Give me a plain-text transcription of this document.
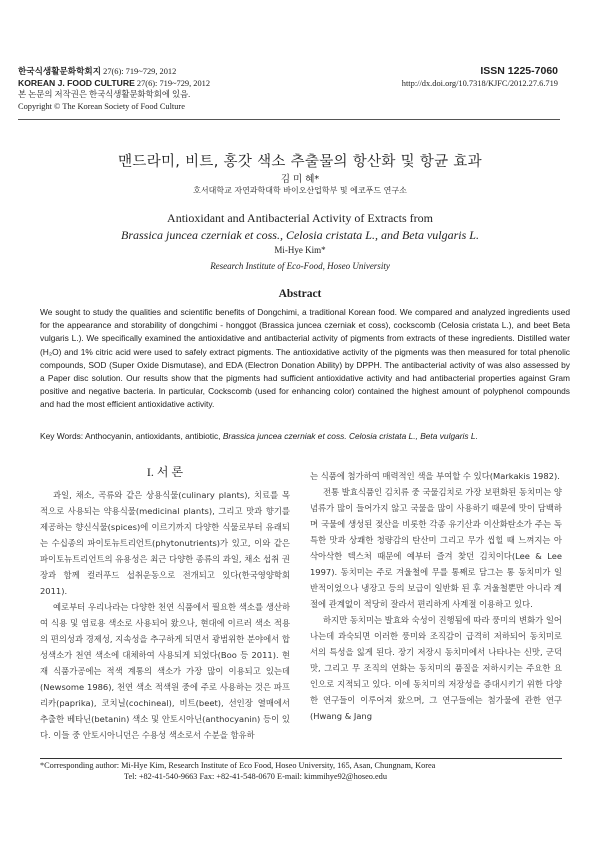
한국식생활문화학회지 27(6): 719~729, 2012
KOREAN J. FOOD CULTURE 27(6): 719~729, 2012
본 논문의 저작권은 한국식생활문화학회에 있음.
Copyright © The Korean Society of Food Culture
ISSN 1225-7060
http://dx.doi.org/10.7318/KJFC/2012.27.6.719
맨드라미, 비트, 홍갓 색소 추출물의 항산화 및 항균 효과
김 미 혜*
호서대학교 자연과학대학 바이오산업학부 및 에코푸드 연구소
Antioxidant and Antibacterial Activity of Extracts from
Brassica juncea czerniak et coss., Celosia cristata L., and Beta vulgaris L.
Mi-Hye Kim*
Research Institute of Eco-Food, Hoseo University
Abstract
We sought to study the qualities and scientific benefits of Dongchimi, a traditional Korean food. We compared and analyzed ingredients used for the appearance and storability of dongchimi - honggot (Brassica juncea czerniak et coss), cockscomb (Celosia cristata L.), and beet Beta vulgaris L.). We specifically examined the antioxidative and antibacterial activity of pigments from extracts of these ingredients. Distilled water (H₂O) and 1% citric acid were used to safely extract pigments. The antioxidative activity of the pigments was then measured for total phenolic compounds, SOD (Super Oxide Dismutase), and EDA (Electron Donation Ability) by DPPH. The antibacterial activity of was also assessed by a Paper disc solution. Our results show that the pigments had sufficient antioxidative activity and had antibacterial properties against Gram positive and negative bacteria. In particular, Cockscomb (used for enhancing color) contained the highest amount of polyphenol compounds and had the most efficient antioxidative activity.
Key Words: Anthocyanin, antioxidants, antibiotic, Brassica juncea czerniak et coss. Celosia cristata L., Beta vulgaris L.
I. 서 론

과일, 채소, 곡류와 같은 상용식물(culinary plants), 치료를 목적으로 사용되는 약용식물(medicinal plants), 그리고 맛과 향기를 제공하는 향신식물(spices)에 이르기까지 다양한 식물로부터 유래되는 수십종의 파이토뉴트리언트(phytonutrients)가 있고, 이와 같은 파이토뉴트리언트의 유용성은 최근 다양한 종류의 과일, 채소 섭취 권장과 함께 컬러푸드 섭취운동으로 전개되고 있다(한국영양학회 2011).

예로부터 우리나라는 다양한 천연 식품에서 필요한 색소를 생산하여 식용 및 염료용 색소로 사용되어 왔으나, 현대에 이르러 색소 적용의 편의성과 경제성, 지속성을 추구하게 되면서 광범위한 분야에서 합성색소가 천연 색소에 대체하여 사용되게 되었다(Boo 등 2011). 현재 식품가공에는 적색 계통의 색소가 가장 많이 이용되고 있는데(Newsome 1986), 천연 색소 적색원 중에 주로 사용하는 것은 파프리카(paprika), 코치닐(cochineal), 비트(beet), 선인장 열매에서 추출한 베타닌(betanin) 색소 및 안토시아닌(anthocyanin) 등이 있다. 이들 중 안토시아니던은 수용성 색소로서 수분을 함유하

는 식품에 첨가하여 매력적인 색을 부여할 수 있다(Markakis 1982).

전통 발효식품인 김치류 중 국물김치로 가장 보편화된 동치미는 양념류가 많이 들어가지 않고 국물을 많이 사용하기 때문에 맛이 담백하며 국물에 생성된 젖산을 비롯한 각종 유기산과 이산화탄소가 주는 독특한 맛과 상쾌한 청량감의 탄산미 그리고 무가 씹힐 때 느껴지는 아삭아삭한 텍스처 때문에 예부터 즐겨 찾던 김치이다(Lee & Lee 1997). 동치미는 주로 겨울철에 무를 통째로 담그는 통 동치미가 일반적이었으나 냉장고 등의 보급이 일반화 된 후 겨울철뿐만 아니라 계절에 관계없이 적당히 잘라서 편리하게 사계절 이용하고 있다.

하지만 동치미는 발효와 숙성이 진행됨에 따라 풍미의 변화가 일어나는데 과숙되면 이러한 풍미와 조직감이 급격히 저하되어 동치미로서의 특성을 잃게 된다. 장기 저장시 동치미에서 나타나는 신맛, 군덕맛, 그리고 무 조직의 연화는 동치미의 품질을 저하시키는 주요한 요인으로 지적되고 있다. 이에 동치미의 저장성을 증대시키기 위한 다양한 연구들이 이루어져 왔으며, 그 연구들에는 첨가물에 관한 연구(Hwang & Jang

*Corresponding author: Mi-Hye Kim, Research Institute of Eco Food, Hoseo University, 165, Asan, Chungnam, Korea
Tel: +82-41-540-9663 Fax: +82-41-548-0670 E-mail: kimmihye92@hoseo.edu
